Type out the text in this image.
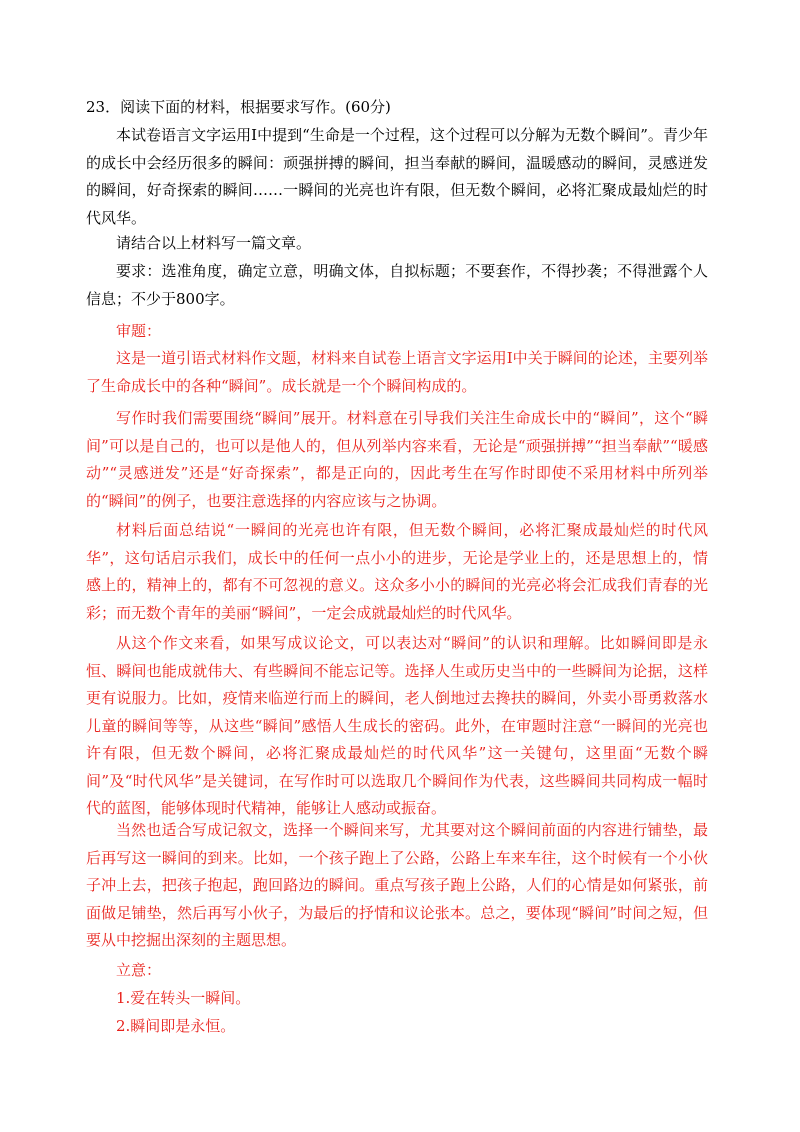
23．阅读下面的材料，根据要求写作。(60分)
本试卷语言文字运用Ⅰ中提到“生命是一个过程，这个过程可以分解为无数个瞬间”。青少年的成长中会经历很多的瞬间：顽强拼搏的瞬间，担当奉献的瞬间，温暖感动的瞬间，灵感迸发的瞬间，好奇探索的瞬间……一瞬间的光亮也许有限，但无数个瞬间，必将汇聚成最灿烂的时代风华。
请结合以上材料写一篇文章。
要求：选准角度，确定立意，明确文体，自拟标题；不要套作，不得抄袭；不得泄露个人信息；不少于800字。
审题：
这是一道引语式材料作文题，材料来自试卷上语言文字运用Ⅰ中关于瞬间的论述，主要列举了生命成长中的各种“瞬间”。成长就是一个个瞬间构成的。
写作时我们需要围绕“瞬间”展开。材料意在引导我们关注生命成长中的“瞬间”，这个“瞬间”可以是自己的，也可以是他人的，但从列举内容来看，无论是“顽强拼搏”“担当奉献”“暖感动”“灵感迸发”还是“好奇探索”，都是正向的，因此考生在写作时即使不采用材料中所列举的“瞬间”的例子，也要注意选择的内容应该与之协调。
材料后面总结说“一瞬间的光亮也许有限，但无数个瞬间，必将汇聚成最灿烂的时代风华”，这句话启示我们，成长中的任何一点小小的进步，无论是学业上的，还是思想上的，情感上的，精神上的，都有不可忽视的意义。这众多小小的瞬间的光亮必将会汇成我们青春的光彩；而无数个青年的美丽“瞬间”，一定会成就最灿烂的时代风华。
从这个作文来看，如果写成议论文，可以表达对“瞬间”的认识和理解。比如瞬间即是永恒、瞬间也能成就伟大、有些瞬间不能忘记等。选择人生或历史当中的一些瞬间为论据，这样更有说服力。比如，疫情来临逆行而上的瞬间，老人倒地过去搀扶的瞬间，外卖小哥勇救落水儿童的瞬间等等，从这些“瞬间”感悟人生成长的密码。此外，在审题时注意“一瞬间的光亮也许有限，但无数个瞬间，必将汇聚成最灿烂的时代风华”这一关键句，这里面“无数个瞬间”及“时代风华”是关键词，在写作时可以选取几个瞬间作为代表，这些瞬间共同构成一幅时代的蓝图，能够体现时代精神，能够让人感动或振奋。
当然也适合写成记叙文，选择一个瞬间来写，尤其要对这个瞬间前面的内容进行铺垫，最后再写这一瞬间的到来。比如，一个孩子跑上了公路，公路上车来车往，这个时候有一个小伙子冲上去，把孩子抱起，跑回路边的瞬间。重点写孩子跑上公路，人们的心情是如何紧张，前面做足铺垫，然后再写小伙子，为最后的抒情和议论张本。总之，要体现“瞬间”时间之短，但要从中挖掘出深刻的主题思想。
立意：
1.爱在转头一瞬间。
2.瞬间即是永恒。
